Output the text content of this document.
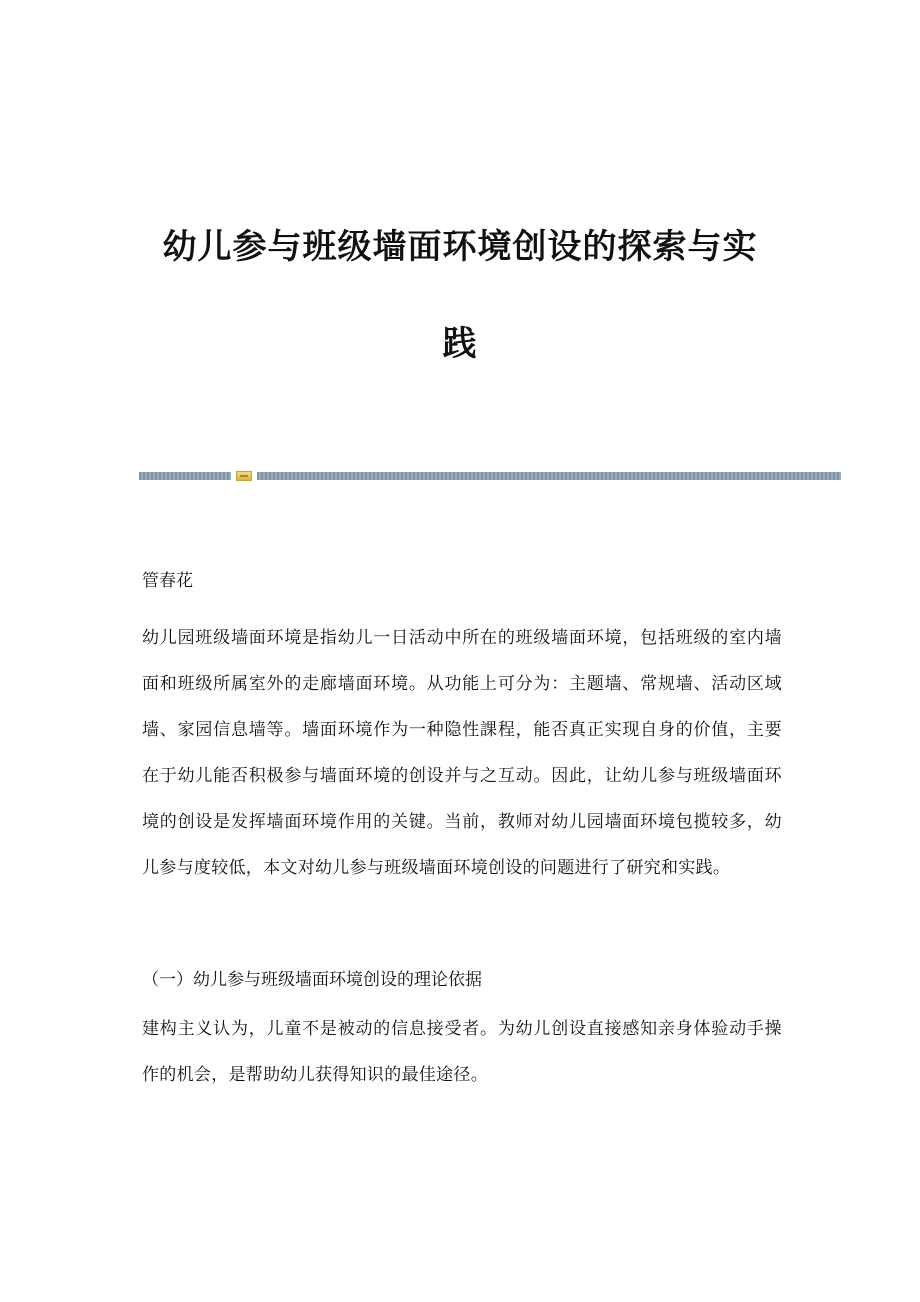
幼儿参与班级墙面环境创设的探索与实
践
管春花

幼儿园班级墙面环境是指幼儿一日活动中所在的班级墙面环境，包括班级的室内墙面和班级所属室外的走廊墙面环境。从功能上可分为：主题墙、常规墙、活动区域墙、家园信息墙等。墙面环境作为一种隐性課程，能否真正实现自身的价值，主要在于幼儿能否积极参与墙面环境的创设并与之互动。因此，让幼儿参与班级墙面环境的创设是发挥墙面环境作用的关键。当前，教师对幼儿园墙面环境包揽较多，幼儿参与度较低，本文对幼儿参与班级墙面环境创设的问题进行了研究和实践。

（一）幼儿参与班级墙面环境创设的理论依据

建构主义认为，儿童不是被动的信息接受者。为幼儿创设直接感知亲身体验动手操作的机会，是帮助幼儿获得知识的最佳途径。
